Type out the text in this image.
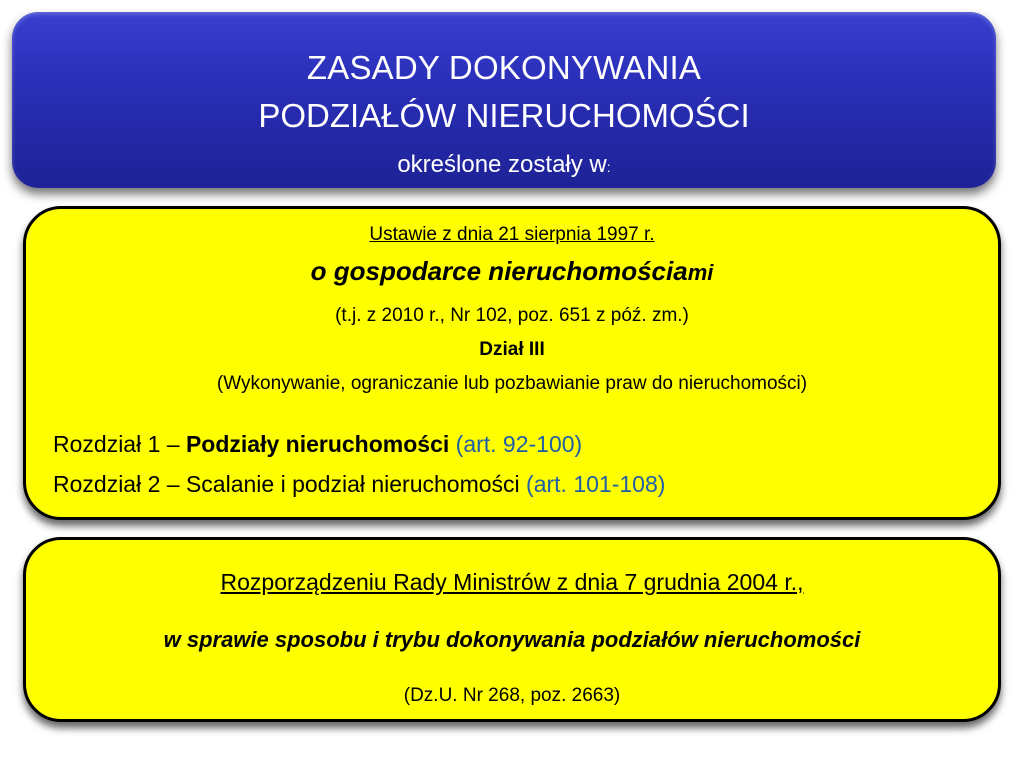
ZASADY DOKONYWANIA
PODZIAŁÓW NIERUCHOMOŚCI
określone zostały w:
Ustawie z dnia 21 sierpnia 1997 r.
o gospodarce nieruchomościami
(t.j. z 2010 r., Nr 102, poz. 651 z póź. zm.)
Dział III
(Wykonywanie, ograniczanie lub pozbawianie praw do nieruchomości)
Rozdział 1 – Podziały nieruchomości (art. 92-100)
Rozdział 2 – Scalanie i podział nieruchomości (art. 101-108)
Rozporządzeniu Rady Ministrów z dnia 7 grudnia 2004 r.,
w sprawie sposobu i trybu dokonywania podziałów nieruchomości
(Dz.U. Nr 268, poz. 2663)
